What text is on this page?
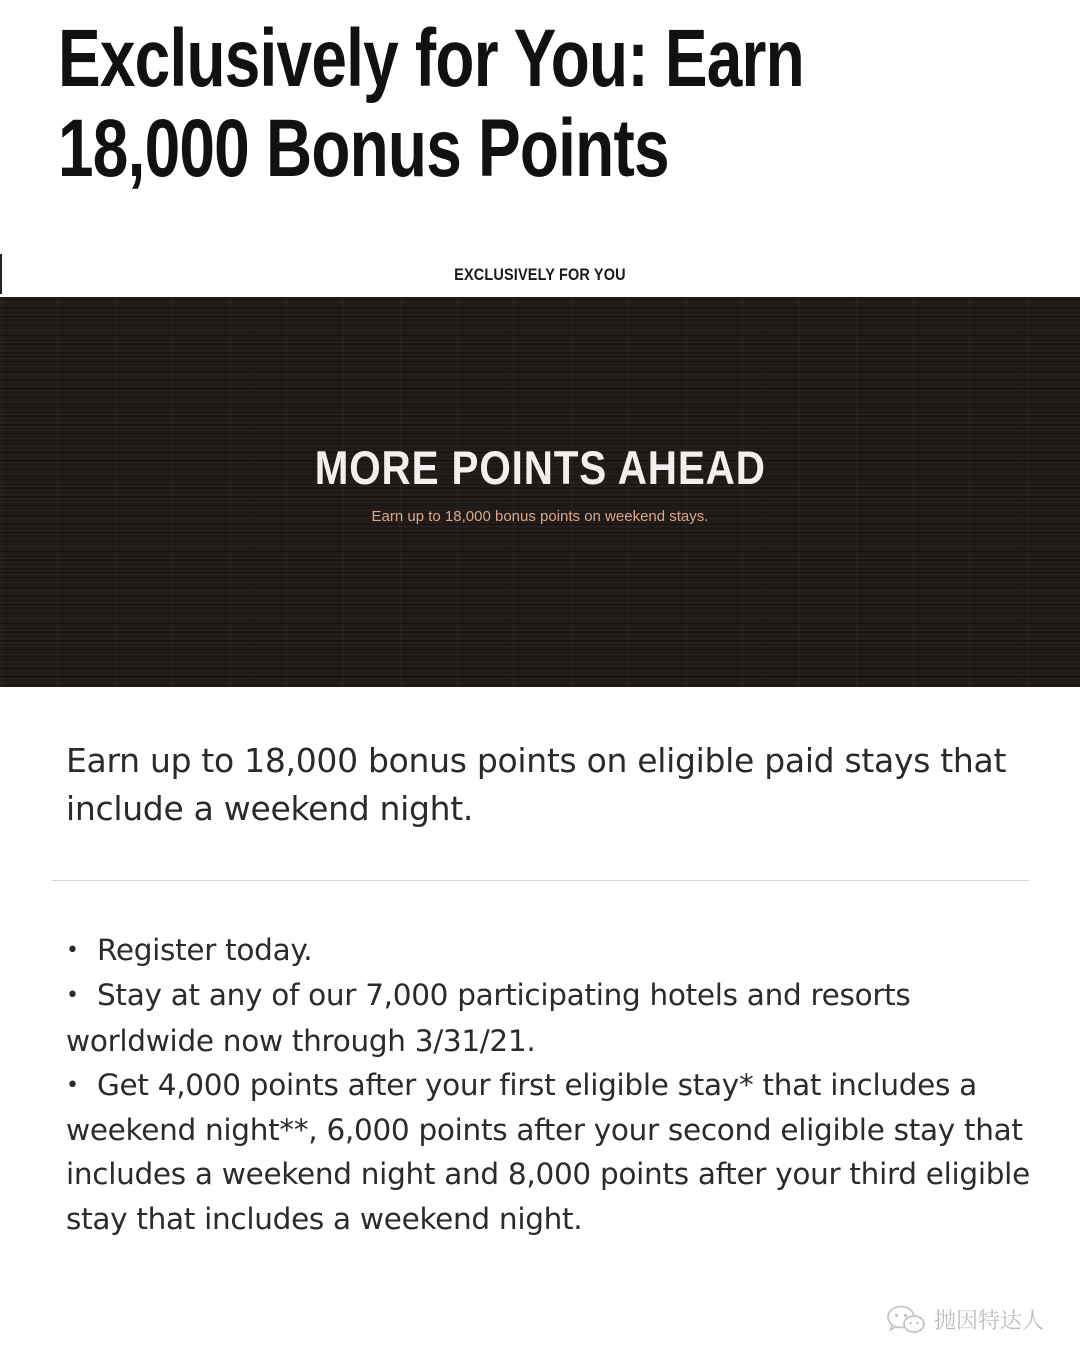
Exclusively for You: Earn
18,000 Bonus Points
EXCLUSIVELY FOR YOU
MORE POINTS AHEAD
Earn up to 18,000 bonus points on weekend stays.

Earn up to 18,000 bonus points on eligible paid stays that include a weekend night.

• Register today.
• Stay at any of our 7,000 participating hotels and resorts worldwide now through 3/31/21.
• Get 4,000 points after your first eligible stay* that includes a weekend night**, 6,000 points after your second eligible stay that includes a weekend night and 8,000 points after your third eligible stay that includes a weekend night.

抛因特达人
